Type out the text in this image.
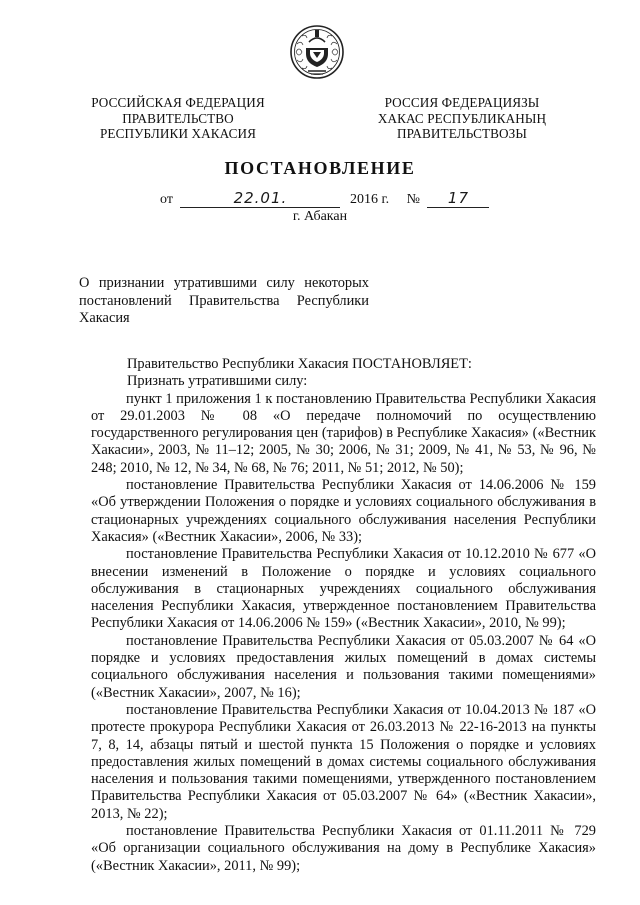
РОССИЙСКАЯ ФЕДЕРАЦИЯ
ПРАВИТЕЛЬСТВО
РЕСПУБЛИКИ ХАКАСИЯ
РОССИЯ ФЕДЕРАЦИЯЗЫ
ХАКАС РЕСПУБЛИКАНЫҢ
ПРАВИТЕЛЬСТВОЗЫ
ПОСТАНОВЛЕНИЕ
от	22.01.	2016 г. №	17
г. Абакан
О признании утратившими силу некоторых
постановлений Правительства Республики
Хакасия

Правительство Республики Хакасия ПОСТАНОВЛЯЕТ:

Признать утратившими силу:

пункт 1 приложения 1 к постановлению Правительства Республики Хакасия от 29.01.2003 № 08 «О передаче полномочий по осуществлению государственного регулирования цен (тарифов) в Республике Хакасия» («Вестник Хакасии», 2003, № 11–12; 2005, № 30; 2006, № 31; 2009, № 41, № 53, № 96, № 248; 2010, № 12, № 34, № 68, № 76; 2011, № 51; 2012, № 50);

постановление Правительства Республики Хакасия от 14.06.2006 № 159 «Об утверждении Положения о порядке и условиях социального обслуживания в стационарных учреждениях социального обслуживания населения Республики Хакасия» («Вестник Хакасии», 2006, № 33);

постановление Правительства Республики Хакасия от 10.12.2010 № 677 «О внесении изменений в Положение о порядке и условиях социального обслуживания в стационарных учреждениях социального обслуживания населения Республики Хакасия, утвержденное постановлением Правительства Республики Хакасия от 14.06.2006 № 159» («Вестник Хакасии», 2010, № 99);

постановление Правительства Республики Хакасия от 05.03.2007 № 64 «О порядке и условиях предоставления жилых помещений в домах системы социального обслуживания населения и пользования такими помещениями» («Вестник Хакасии», 2007, № 16);

постановление Правительства Республики Хакасия от 10.04.2013 № 187 «О протесте прокурора Республики Хакасия от 26.03.2013 № 22-16-2013 на пункты 7, 8, 14, абзацы пятый и шестой пункта 15 Положения о порядке и условиях предоставления жилых помещений в домах системы социального обслуживания населения и пользования такими помещениями, утвержденного постановлением Правительства Республики Хакасия от 05.03.2007 № 64» («Вестник Хакасии», 2013, № 22);

постановление Правительства Республики Хакасия от 01.11.2011 № 729 «Об организации социального обслуживания на дому в Республике Хакасия» («Вестник Хакасии», 2011, № 99);
